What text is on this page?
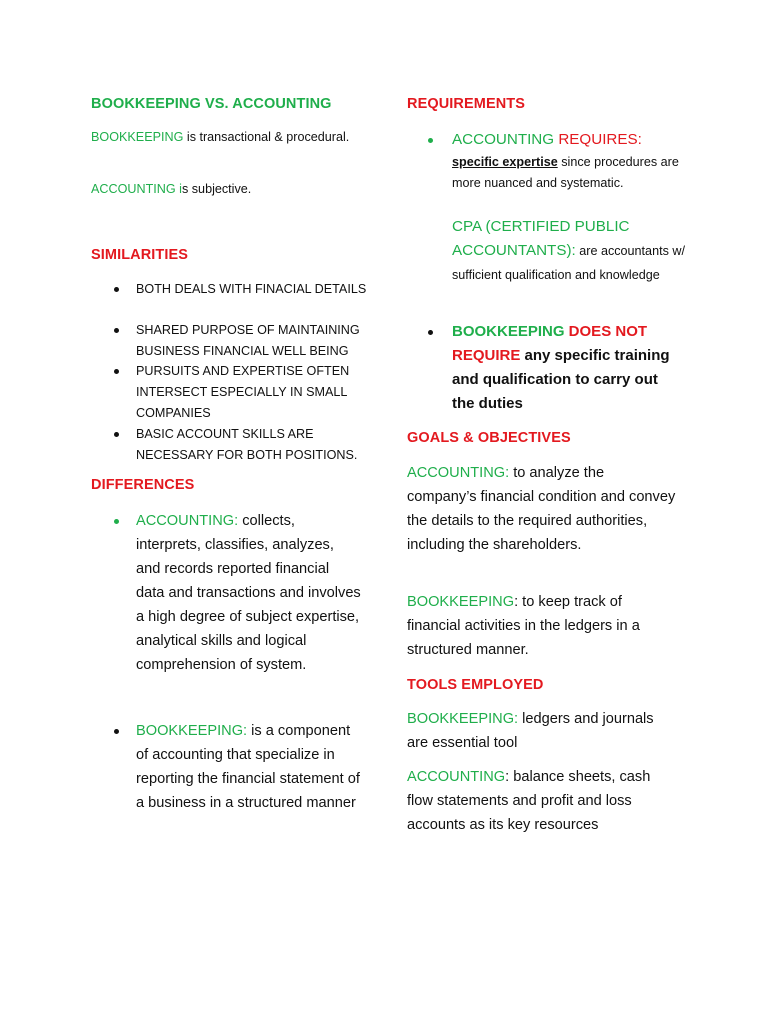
BOOKKEEPING VS. ACCOUNTING

BOOKKEEPING is transactional & procedural.

ACCOUNTING is subjective.

SIMILARITIES
BOTH DEALS WITH FINACIAL DETAILS
SHARED PURPOSE OF MAINTAINING BUSINESS FINANCIAL WELL BEING
PURSUITS AND EXPERTISE OFTEN INTERSECT ESPECIALLY IN SMALL COMPANIES
BASIC ACCOUNT SKILLS ARE NECESSARY FOR BOTH POSITIONS.
DIFFERENCES
ACCOUNTING: collects, interprets, classifies, analyzes, and records reported financial data and transactions and involves a high degree of subject expertise, analytical skills and logical comprehension of system.
BOOKKEEPING: is a component of accounting that specialize in reporting the financial statement of a business in a structured manner
REQUIREMENTS
ACCOUNTING REQUIRES:
specific expertise since procedures are more nuanced and systematic.
CPA (CERTIFIED PUBLIC ACCOUNTANTS): are accountants w/ sufficient qualification and knowledge
BOOKKEEPING DOES NOT REQUIRE any specific training and qualification to carry out the duties
GOALS & OBJECTIVES

ACCOUNTING: to analyze the company’s financial condition and convey the details to the required authorities, including the shareholders.

BOOKKEEPING: to keep track of financial activities in the ledgers in a structured manner.

TOOLS EMPLOYED

BOOKKEEPING: ledgers and journals are essential tool

ACCOUNTING: balance sheets, cash flow statements and profit and loss accounts as its key resources
